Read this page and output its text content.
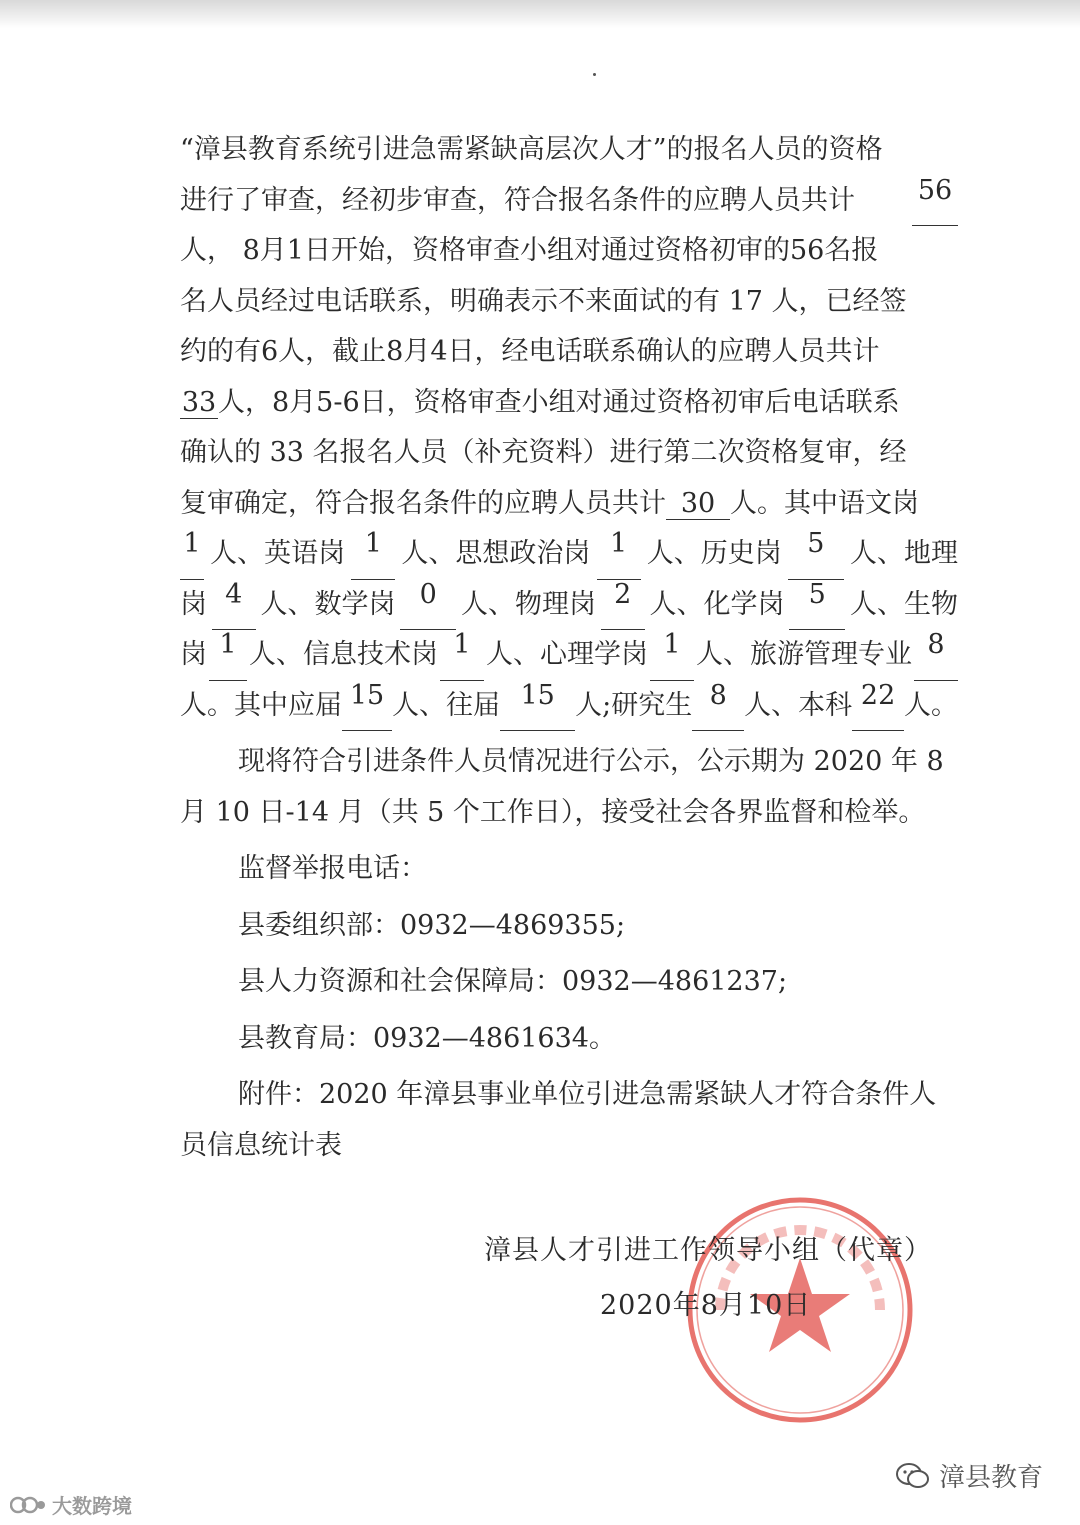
“漳县教育系统引进急需紧缺高层次人才”的报名人员的资格
进行了审查，经初步审查，符合报名条件的应聘人员共计 56
人， 8月1日开始，资格审查小组对通过资格初审的56名报
名人员经过电话联系，明确表示不来面试的有 17 人，已经签
约的有6人，截止8月4日，经电话联系确认的应聘人员共计
33人，8月5-6日，资格审查小组对通过资格初审后电话联系
确认的 33 名报名人员（补充资料）进行第二次资格复审，经
复审确定，符合报名条件的应聘人员共计 30 人。其中语文岗
1 人、英语岗 1 人、思想政治岗 1 人、历史岗 5 人、地理
岗 4 人、数学岗 0 人、物理岗 2 人、化学岗 5 人、生物
岗 1 人、信息技术岗 1 人、心理学岗 1 人、旅游管理专业 8
人。其中应届 15 人、往届 15 人;研究生 8 人、本科 22 人。
现将符合引进条件人员情况进行公示，公示期为 2020 年 8
月 10 日-14 月（共 5 个工作日），接受社会各界监督和检举。
监督举报电话：
县委组织部：0932—4869355;
县人力资源和社会保障局：0932—4861237;
县教育局：0932—4861634。
附件：2020 年漳县事业单位引进急需紧缺人才符合条件人
员信息统计表
漳县人才引进工作领导小组（代章）
2020年8月10日
大数跨境
漳县教育
